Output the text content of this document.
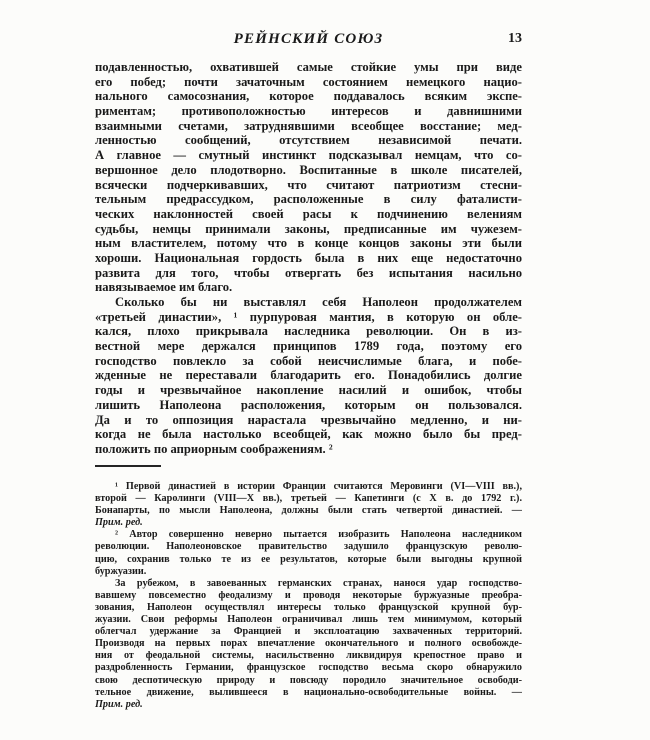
РЕЙНСКИЙ СОЮЗ	13
подавленностью, охватившей самые стойкие умы при виде
его побед; почти зачаточным состоянием немецкого нацио-
нального самосознания, которое поддавалось всяким экспе-
риментам; противоположностью интересов и давнишними
взаимными счетами, затруднявшими всеобщее восстание; мед-
ленностью сообщений, отсутствием независимой печати.
А главное — смутный инстинкт подсказывал немцам, что со-
вершонное дело плодотворно. Воспитанные в школе писателей,
всячески подчеркивавших, что считают патриотизм стесни-
тельным предрассудком, расположенные в силу фаталисти-
ческих наклонностей своей расы к подчинению велениям
судьбы, немцы принимали законы, предписанные им чужезем-
ным властителем, потому что в конце концов законы эти были
хороши. Национальная гордость была в них еще недостаточно
развита для того, чтобы отвергать без испытания насильно
навязываемое им благо.
Сколько бы ни выставлял себя Наполеон продолжателем
«третьей династии», ¹ пурпуровая мантия, в которую он обле-
кался, плохо прикрывала наследника революции. Он в из-
вестной мере держался принципов 1789 года, поэтому его
господство повлекло за собой неисчислимые блага, и побе-
жденные не переставали благодарить его. Понадобились долгие
годы и чрезвычайное накопление насилий и ошибок, чтобы
лишить Наполеона расположения, которым он пользовался.
Да и то оппозиция нарастала чрезвычайно медленно, и ни-
когда не была настолько всеобщей, как можно было бы пред-
положить по априорным соображениям. ²
¹ Первой династией в истории Франции считаются Меровинги (VI—VIII вв.),
второй — Каролинги (VIII—X вв.), третьей — Капетинги (с X в. до 1792 г.).
Бонапарты, по мысли Наполеона, должны были стать четвертой династией. —
Прим. ред.
² Автор совершенно неверно пытается изобразить Наполеона наследником
революции. Наполеоновское правительство задушило французскую револю-
цию, сохранив только те из ее результатов, которые были выгодны крупной
буржуазии.
За рубежом, в завоеванных германских странах, нанося удар господство-
вавшему повсеместно феодализму и проводя некоторые буржуазные преобра-
зования, Наполеон осуществлял интересы только французской крупной бур-
жуазии. Свои реформы Наполеон ограничивал лишь тем минимумом, который
облегчал удержание за Францией и эксплоатацию захваченных территорий.
Производя на первых порах впечатление окончательного и полного освобожде-
ния от феодальной системы, насильственно ликвидируя крепостное право и
раздробленность Германии, французское господство весьма скоро обнаружило
свою деспотическую природу и повсюду породило значительное освободи-
тельное движение, вылившееся в национально-освободительные войны. —
Прим. ред.
